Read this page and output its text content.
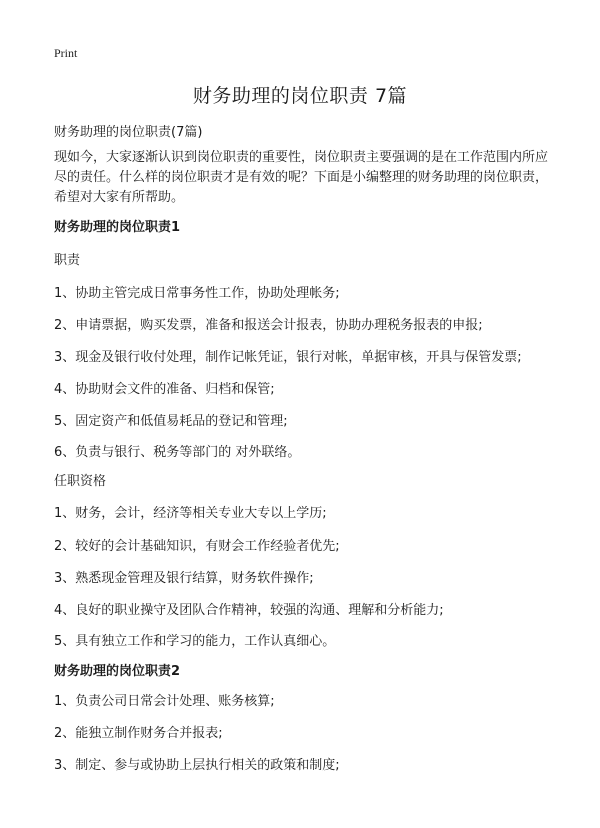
Print
财务助理的岗位职责 7篇
财务助理的岗位职责(7篇)

现如今，大家逐渐认识到岗位职责的重要性，岗位职责主要强调的是在工作范围内所应尽的责任。什么样的岗位职责才是有效的呢？下面是小编整理的财务助理的岗位职责，希望对大家有所帮助。

财务助理的岗位职责1
职责
1、协助主管完成日常事务性工作，协助处理帐务;
2、申请票据，购买发票，准备和报送会计报表，协助办理税务报表的申报;
3、现金及银行收付处理，制作记帐凭证，银行对帐，单据审核，开具与保管发票;
4、协助财会文件的准备、归档和保管;
5、固定资产和低值易耗品的登记和管理;
6、负责与银行、税务等部门的 对外联络。
任职资格
1、财务，会计，经济等相关专业大专以上学历;
2、较好的会计基础知识，有财会工作经验者优先;
3、熟悉现金管理及银行结算，财务软件操作;
4、良好的职业操守及团队合作精神，较强的沟通、理解和分析能力;
5、具有独立工作和学习的能力，工作认真细心。
财务助理的岗位职责2
1、负责公司日常会计处理、账务核算;
2、能独立制作财务合并报表;
3、制定、参与或协助上层执行相关的政策和制度;
